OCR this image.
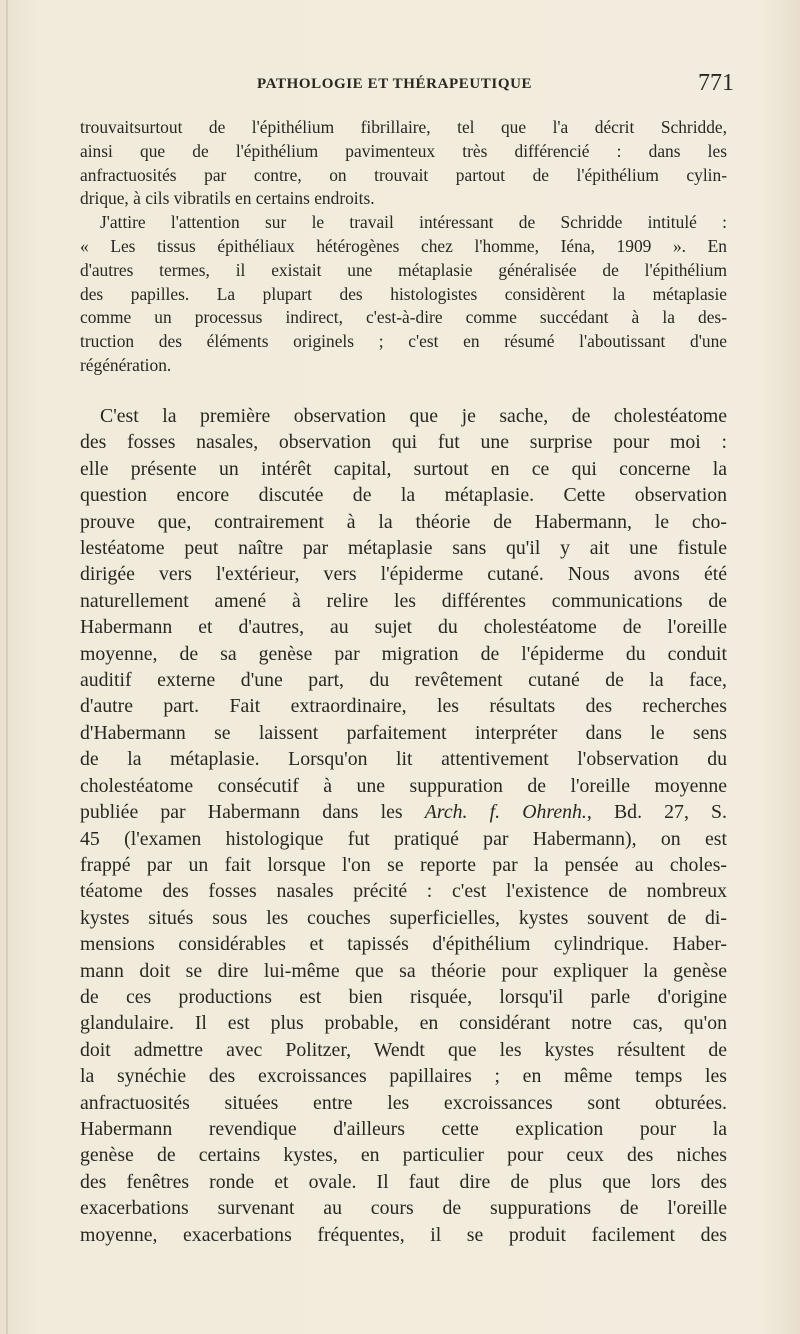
PATHOLOGIE ET THÉRAPEUTIQUE	771

trouvaitsurtout de l'épithélium fibrillaire, tel que l'a décrit Schridde,
ainsi que de l'épithélium pavimenteux très différencié : dans les
anfractuosités par contre, on trouvait partout de l'épithélium cylin-
drique, à cils vibratils en certains endroits.

J'attire l'attention sur le travail intéressant de Schridde intitulé :
« Les tissus épithéliaux hétérogènes chez l'homme, Iéna, 1909 ». En
d'autres termes, il existait une métaplasie généralisée de l'épithélium
des papilles. La plupart des histologistes considèrent la métaplasie
comme un processus indirect, c'est-à-dire comme succédant à la des-
truction des éléments originels ; c'est en résumé l'aboutissant d'une
régénération.

C'est la première observation que je sache, de cholestéatome
des fosses nasales, observation qui fut une surprise pour moi :
elle présente un intérêt capital, surtout en ce qui concerne la
question encore discutée de la métaplasie. Cette observation
prouve que, contrairement à la théorie de Habermann, le cho-
lestéatome peut naître par métaplasie sans qu'il y ait une fistule
dirigée vers l'extérieur, vers l'épiderme cutané. Nous avons été
naturellement amené à relire les différentes communications de
Habermann et d'autres, au sujet du cholestéatome de l'oreille
moyenne, de sa genèse par migration de l'épiderme du conduit
auditif externe d'une part, du revêtement cutané de la face,
d'autre part. Fait extraordinaire, les résultats des recherches
d'Habermann se laissent parfaitement interpréter dans le sens
de la métaplasie. Lorsqu'on lit attentivement l'observation du
cholestéatome consécutif à une suppuration de l'oreille moyenne
publiée par Habermann dans les Arch. f. Ohrenh., Bd. 27, S.
45 (l'examen histologique fut pratiqué par Habermann), on est
frappé par un fait lorsque l'on se reporte par la pensée au choles-
téatome des fosses nasales précité : c'est l'existence de nombreux
kystes situés sous les couches superficielles, kystes souvent de di-
mensions considérables et tapissés d'épithélium cylindrique. Haber-
mann doit se dire lui-même que sa théorie pour expliquer la genèse
de ces productions est bien risquée, lorsqu'il parle d'origine
glandulaire. Il est plus probable, en considérant notre cas, qu'on
doit admettre avec Politzer, Wendt que les kystes résultent de
la synéchie des excroissances papillaires ; en même temps les
anfractuosités situées entre les excroissances sont obturées.
Habermann revendique d'ailleurs cette explication pour la
genèse de certains kystes, en particulier pour ceux des niches
des fenêtres ronde et ovale. Il faut dire de plus que lors des
exacerbations survenant au cours de suppurations de l'oreille
moyenne, exacerbations fréquentes, il se produit facilement des
